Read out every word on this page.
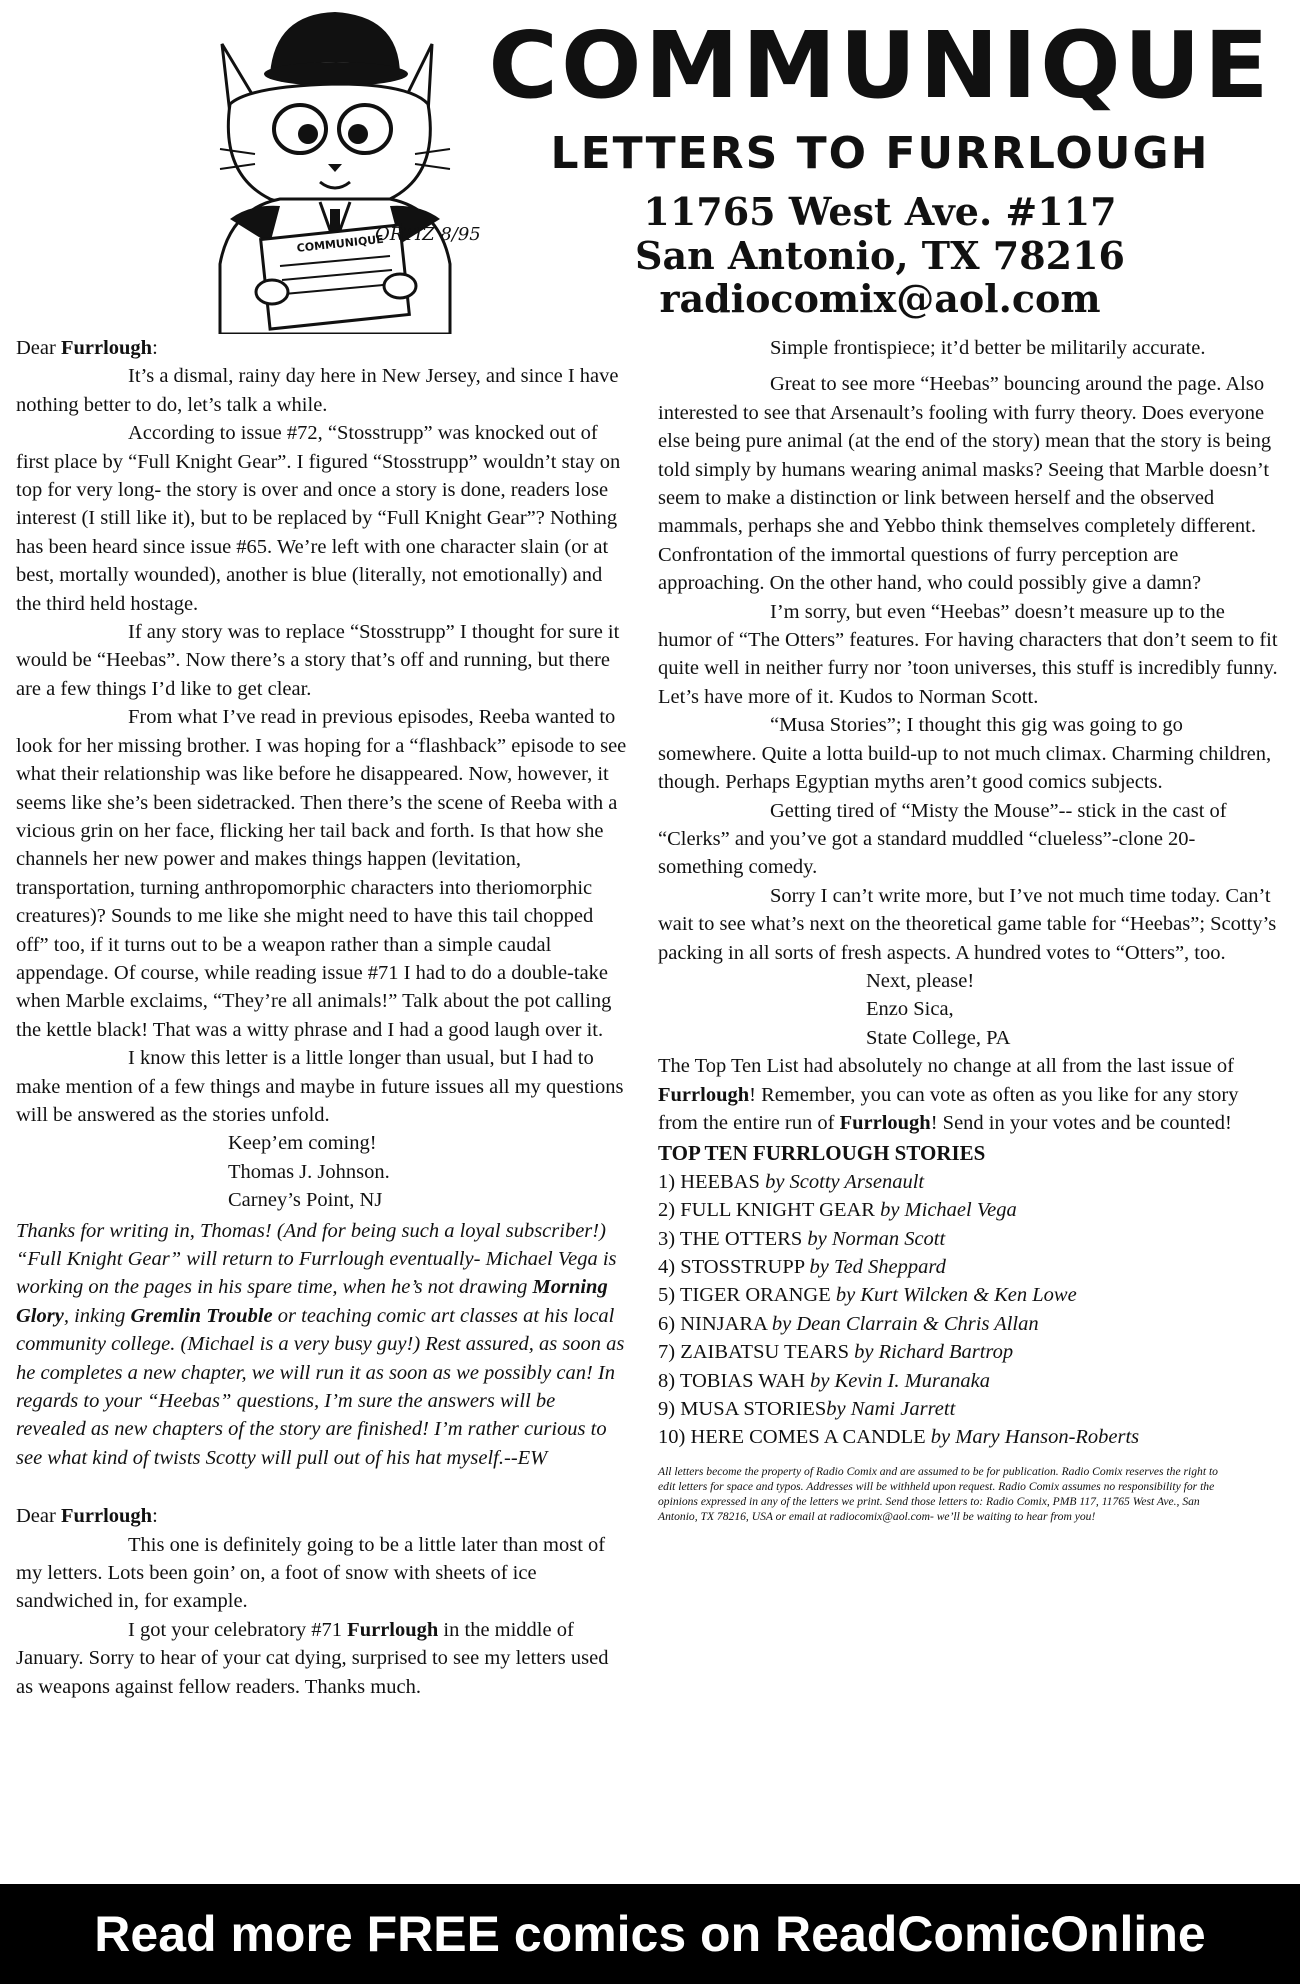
COMMUNIQUE
ORTIZ 8/95
COMMUNIQUE
LETTERS TO FURRLOUGH
11765 West Ave. #117
San Antonio, TX 78216
radiocomix@aol.com

Dear Furrlough:

It’s a dismal, rainy day here in New Jersey, and since I have nothing better to do, let’s talk a while.

According to issue #72, “Stosstrupp” was knocked out of first place by “Full Knight Gear”. I figured “Stosstrupp” wouldn’t stay on top for very long- the story is over and once a story is done, readers lose interest (I still like it), but to be replaced by “Full Knight Gear”? Nothing has been heard since issue #65. We’re left with one character slain (or at best, mortally wounded), another is blue (literally, not emotionally) and the third held hostage.

If any story was to replace “Stosstrupp” I thought for sure it would be “Heebas”. Now there’s a story that’s off and running, but there are a few things I’d like to get clear.

From what I’ve read in previous episodes, Reeba wanted to look for her missing brother. I was hoping for a “flashback” episode to see what their relationship was like before he disappeared. Now, however, it seems like she’s been sidetracked. Then there’s the scene of Reeba with a vicious grin on her face, flicking her tail back and forth. Is that how she channels her new power and makes things happen (levitation, transportation, turning anthropomorphic characters into theriomorphic creatures)? Sounds to me like she might need to have this tail chopped off” too, if it turns out to be a weapon rather than a simple caudal appendage. Of course, while reading issue #71 I had to do a double-take when Marble exclaims, “They’re all animals!” Talk about the pot calling the kettle black! That was a witty phrase and I had a good laugh over it.

I know this letter is a little longer than usual, but I had to make mention of a few things and maybe in future issues all my questions will be answered as the stories unfold.

Keep’em coming!

Thomas J. Johnson.

Carney’s Point, NJ

Thanks for writing in, Thomas! (And for being such a loyal subscriber!) “Full Knight Gear” will return to Furrlough eventually- Michael Vega is working on the pages in his spare time, when he’s not drawing Morning Glory, inking Gremlin Trouble or teaching comic art classes at his local community college. (Michael is a very busy guy!) Rest assured, as soon as he completes a new chapter, we will run it as soon as we possibly can! In regards to your “Heebas” questions, I’m sure the answers will be revealed as new chapters of the story are finished! I’m rather curious to see what kind of twists Scotty will pull out of his hat myself.--EW

Dear Furrlough:

This one is definitely going to be a little later than most of my letters. Lots been goin’ on, a foot of snow with sheets of ice sandwiched in, for example.

I got your celebratory #71 Furrlough in the middle of January. Sorry to hear of your cat dying, surprised to see my letters used as weapons against fellow readers. Thanks much.

Simple frontispiece; it’d better be militarily accurate.

Great to see more “Heebas” bouncing around the page. Also interested to see that Arsenault’s fooling with furry theory. Does everyone else being pure animal (at the end of the story) mean that the story is being told simply by humans wearing animal masks? Seeing that Marble doesn’t seem to make a distinction or link between herself and the observed mammals, perhaps she and Yebbo think themselves completely different. Confrontation of the immortal questions of furry perception are approaching. On the other hand, who could possibly give a damn?

I’m sorry, but even “Heebas” doesn’t measure up to the humor of “The Otters” features. For having characters that don’t seem to fit quite well in neither furry nor ’toon universes, this stuff is incredibly funny. Let’s have more of it. Kudos to Norman Scott.

“Musa Stories”; I thought this gig was going to go somewhere. Quite a lotta build-up to not much climax. Charming children, though. Perhaps Egyptian myths aren’t good comics subjects.

Getting tired of “Misty the Mouse”-- stick in the cast of “Clerks” and you’ve got a standard muddled “clueless”-clone 20-something comedy.

Sorry I can’t write more, but I’ve not much time today. Can’t wait to see what’s next on the theoretical game table for “Heebas”; Scotty’s packing in all sorts of fresh aspects. A hundred votes to “Otters”, too.

Next, please!

Enzo Sica,

State College, PA

The Top Ten List had absolutely no change at all from the last issue of Furrlough! Remember, you can vote as often as you like for any story from the entire run of Furrlough! Send in your votes and be counted!

TOP TEN FURRLOUGH STORIES

1) HEEBAS by Scotty Arsenault
2) FULL KNIGHT GEAR by Michael Vega
3) THE OTTERS by Norman Scott
4) STOSSTRUPP by Ted Sheppard
5) TIGER ORANGE by Kurt Wilcken & Ken Lowe
6) NINJARA by Dean Clarrain & Chris Allan
7) ZAIBATSU TEARS by Richard Bartrop
8) TOBIAS WAH by Kevin I. Muranaka
9) MUSA STORIESby Nami Jarrett
10) HERE COMES A CANDLE by Mary Hanson-Roberts

All letters become the property of Radio Comix and are assumed to be for publication. Radio Comix reserves the right to edit letters for space and typos. Addresses will be withheld upon request. Radio Comix assumes no responsibility for the opinions expressed in any of the letters we print. Send those letters to: Radio Comix, PMB 117, 11765 West Ave., San Antonio, TX 78216, USA or email at radiocomix@aol.com- we’ll be waiting to hear from you!

Read more FREE comics on ReadComicOnline
